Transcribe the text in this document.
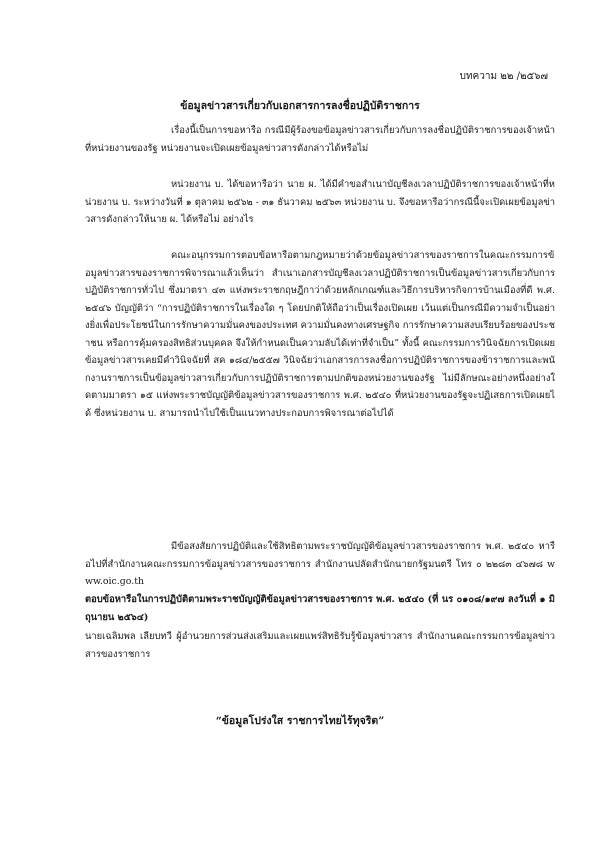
บทความ ๒๒ /๒๕๖๗
ข้อมูลข่าวสารเกี่ยวกับเอกสารการลงชื่อปฏิบัติราชการ

เรื่องนี้เป็นการขอหารือ กรณีมีผู้ร้องขอข้อมูลข่าวสารเกี่ยวกับการลงชื่อปฏิบัติราชการของเจ้าหน้าที่หน่วยงานของรัฐ หน่วยงานจะเปิดเผยข้อมูลข่าวสารดังกล่าวได้หรือไม่

หน่วยงาน บ. ได้ขอหารือว่า นาย ผ. ได้มีคำขอสำเนาบัญชีลงเวลาปฏิบัติราชการของเจ้าหน้าที่หน่วยงาน บ. ระหว่างวันที่ ๑ ตุลาคม ๒๕๖๒ - ๓๑ ธันวาคม ๒๕๖๓ หน่วยงาน บ. จึงขอหารือว่ากรณีนี้จะเปิดเผยข้อมูลข่าวสารดังกล่าวให้นาย ผ. ได้หรือไม่ อย่างไร

คณะอนุกรรมการตอบข้อหารือตามกฎหมายว่าด้วยข้อมูลข่าวสารของราชการในคณะกรรมการข้อมูลข่าวสารของราชการพิจารณาแล้วเห็นว่า สำเนาเอกสารบัญชีลงเวลาปฏิบัติราชการเป็นข้อมูลข่าวสารเกี่ยวกับการปฏิบัติราชการทั่วไป ซึ่งมาตรา ๔๓ แห่งพระราชกฤษฎีกาว่าด้วยหลักเกณฑ์และวิธีการบริหารกิจการบ้านเมืองที่ดี พ.ศ. ๒๕๔๖ บัญญัติว่า “การปฏิบัติราชการในเรื่องใด ๆ โดยปกติให้ถือว่าเป็นเรื่องเปิดเผย เว้นแต่เป็นกรณีมีความจำเป็นอย่างยิ่งเพื่อประโยชน์ในการรักษาความมั่นคงของประเทศ ความมั่นคงทางเศรษฐกิจ การรักษาความสงบเรียบร้อยของประชาชน หรือการคุ้มครองสิทธิส่วนบุคคล จึงให้กำหนดเป็นความลับได้เท่าที่จำเป็น” ทั้งนี้ คณะกรรมการวินิจฉัยการเปิดเผยข้อมูลข่าวสารเคยมีคำวินิจฉัยที่ สค ๑๘๔/๒๕๕๗ วินิจฉัยว่าเอกสารการลงชื่อการปฏิบัติราชการของข้าราชการและพนักงานราชการเป็นข้อมูลข่าวสารเกี่ยวกับการปฏิบัติราชการตามปกติของหน่วยงานของรัฐ ไม่มีลักษณะอย่างหนึ่งอย่างใดตามมาตรา ๑๕ แห่งพระราชบัญญัติข้อมูลข่าวสารของราชการ พ.ศ. ๒๕๔๐ ที่หน่วยงานของรัฐจะปฏิเสธการเปิดเผยได้ ซึ่งหน่วยงาน บ. สามารถนำไปใช้เป็นแนวทางประกอบการพิจารณาต่อไปได้

มีข้อสงสัยการปฏิบัติและใช้สิทธิตามพระราชบัญญัติข้อมูลข่าวสารของราชการ พ.ศ. ๒๕๔๐ หารือไปที่สำนักงานคณะกรรมการข้อมูลข่าวสารของราชการ สำนักงานปลัดสำนักนายกรัฐมนตรี โทร ๐ ๒๒๘๓ ๔๖๗๘ www.oic.go.th

ตอบข้อหารือในการปฏิบัติตามพระราชบัญญัติข้อมูลข่าวสารของราชการ พ.ศ. ๒๕๔๐ (ที่ นร ๐๑๐๘/๑๙๗ ลงวันที่ ๑ มิถุนายน ๒๕๖๔)

นายเฉลิมพล เลียบทวี ผู้อำนวยการส่วนส่งเสริมและเผยแพร่สิทธิรับรู้ข้อมูลข่าวสาร สำนักงานคณะกรรมการข้อมูลข่าวสารของราชการ

“ข้อมูลโปร่งใส ราชการไทยไร้ทุจริต”
